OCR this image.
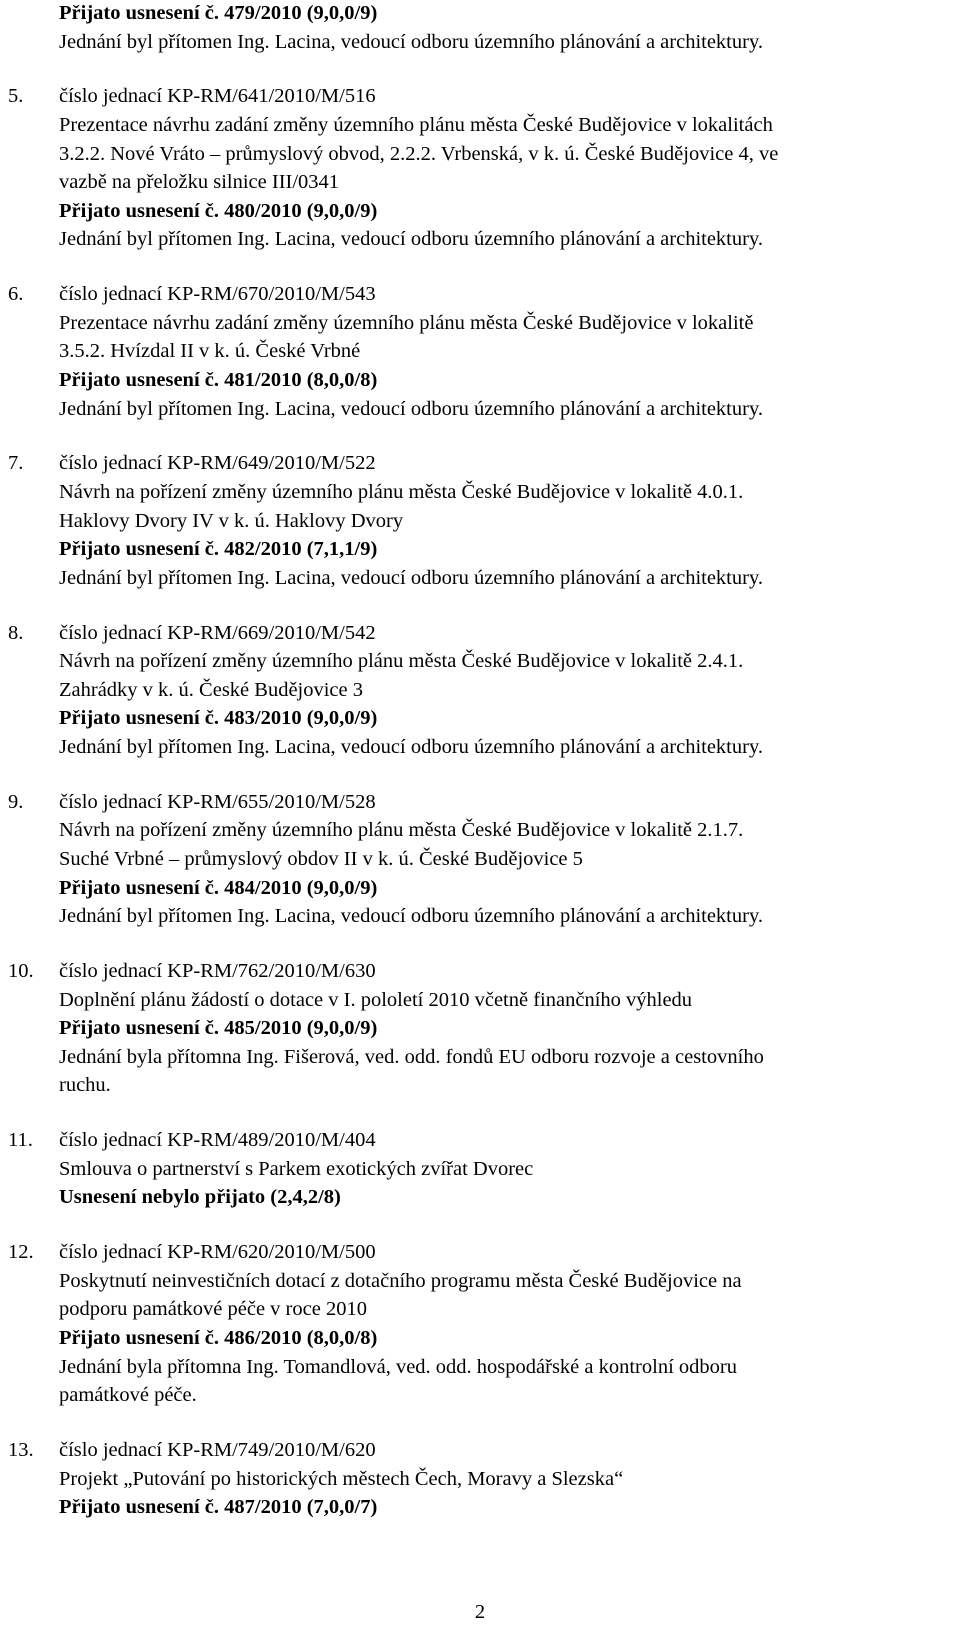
Přijato usnesení č. 479/2010 (9,0,0/9)
Jednání byl přítomen Ing. Lacina, vedoucí odboru územního plánování a architektury.
5. číslo jednací KP-RM/641/2010/M/516
Prezentace návrhu zadání změny územního plánu města České Budějovice v lokalitách
3.2.2. Nové Vráto – průmyslový obvod, 2.2.2. Vrbenská, v k. ú. České Budějovice 4, ve
vazbě na přeložku silnice III/0341
Přijato usnesení č. 480/2010 (9,0,0/9)
Jednání byl přítomen Ing. Lacina, vedoucí odboru územního plánování a architektury.
6. číslo jednací KP-RM/670/2010/M/543
Prezentace návrhu zadání změny územního plánu města České Budějovice v lokalitě
3.5.2. Hvízdal II v k. ú. České Vrbné
Přijato usnesení č. 481/2010 (8,0,0/8)
Jednání byl přítomen Ing. Lacina, vedoucí odboru územního plánování a architektury.
7. číslo jednací KP-RM/649/2010/M/522
Návrh na pořízení změny územního plánu města České Budějovice v lokalitě 4.0.1.
Haklovy Dvory IV v k. ú. Haklovy Dvory
Přijato usnesení č. 482/2010 (7,1,1/9)
Jednání byl přítomen Ing. Lacina, vedoucí odboru územního plánování a architektury.
8. číslo jednací KP-RM/669/2010/M/542
Návrh na pořízení změny územního plánu města České Budějovice v lokalitě 2.4.1.
Zahrádky v k. ú. České Budějovice 3
Přijato usnesení č. 483/2010 (9,0,0/9)
Jednání byl přítomen Ing. Lacina, vedoucí odboru územního plánování a architektury.
9. číslo jednací KP-RM/655/2010/M/528
Návrh na pořízení změny územního plánu města České Budějovice v lokalitě 2.1.7.
Suché Vrbné – průmyslový obdov II v k. ú. České Budějovice 5
Přijato usnesení č. 484/2010 (9,0,0/9)
Jednání byl přítomen Ing. Lacina, vedoucí odboru územního plánování a architektury.
10. číslo jednací KP-RM/762/2010/M/630
Doplnění plánu žádostí o dotace v I. pololetí 2010 včetně finančního výhledu
Přijato usnesení č. 485/2010 (9,0,0/9)
Jednání byla přítomna Ing. Fišerová, ved. odd. fondů EU odboru rozvoje a cestovního
ruchu.
11. číslo jednací KP-RM/489/2010/M/404
Smlouva o partnerství s Parkem exotických zvířat Dvorec
Usnesení nebylo přijato (2,4,2/8)
12. číslo jednací KP-RM/620/2010/M/500
Poskytnutí neinvestičních dotací z dotačního programu města České Budějovice na
podporu památkové péče v roce 2010
Přijato usnesení č. 486/2010 (8,0,0/8)
Jednání byla přítomna Ing. Tomandlová, ved. odd. hospodářské a kontrolní odboru
památkové péče.
13. číslo jednací KP-RM/749/2010/M/620
Projekt „Putování po historických městech Čech, Moravy a Slezska“
Přijato usnesení č. 487/2010 (7,0,0/7)
2
